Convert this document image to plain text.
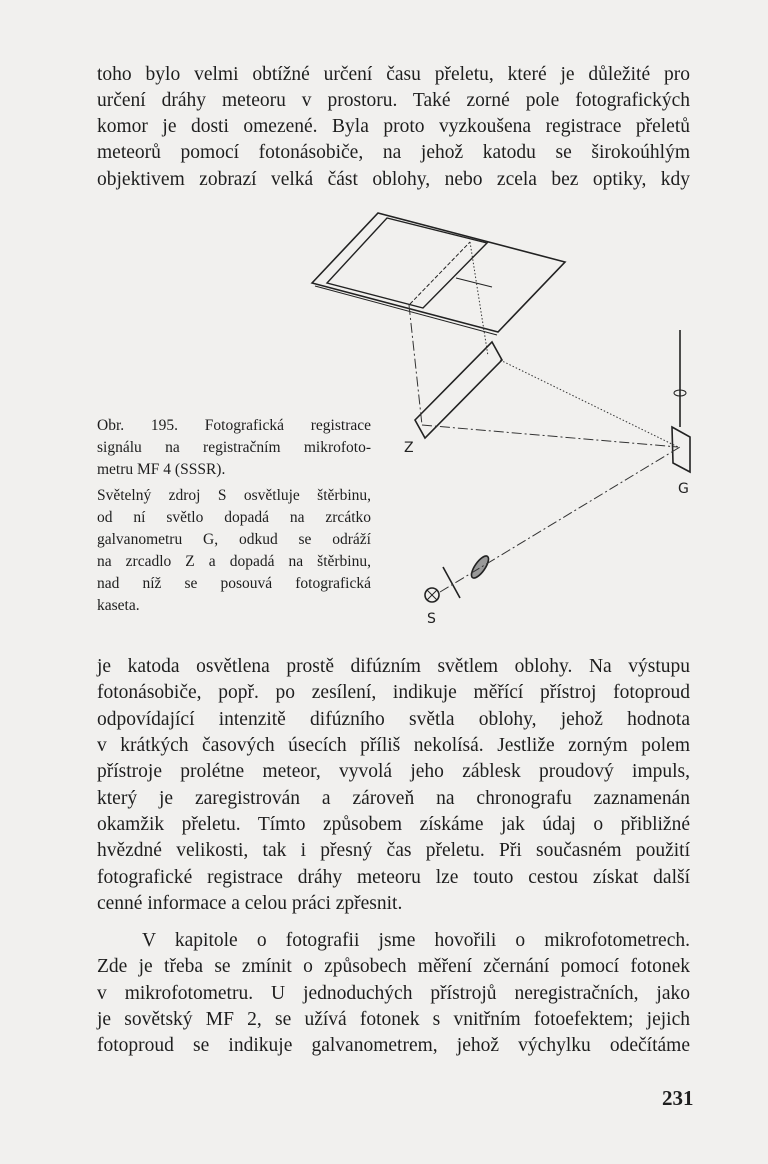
toho bylo velmi obtížné určení času přeletu, které je důležité pro
určení dráhy meteoru v prostoru. Také zorné pole fotografických
komor je dosti omezené. Byla proto vyzkoušena registrace přeletů
meteorů pomocí fotonásobiče, na jehož katodu se širokoúhlým
objektivem zobrazí velká část oblohy, nebo zcela bez optiky, kdy
Z
G
S
Obr. 195. Fotografická registrace
signálu na registračním mikrofoto-
metru MF 4 (SSSR).
Světelný zdroj S osvětluje štěrbinu,
od ní světlo dopadá na zrcátko
galvanometru G, odkud se odráží
na zrcadlo Z a dopadá na štěrbinu,
nad níž se posouvá fotografická
kaseta.
je katoda osvětlena prostě difúzním světlem oblohy. Na výstupu
fotonásobiče, popř. po zesílení, indikuje měřící přístroj fotoproud
odpovídající intenzitě difúzního světla oblohy, jehož hodnota
v krátkých časových úsecích příliš nekolísá. Jestliže zorným polem
přístroje prolétne meteor, vyvolá jeho záblesk proudový impuls,
který je zaregistrován a zároveň na chronografu zaznamenán
okamžik přeletu. Tímto způsobem získáme jak údaj o přibližné
hvězdné velikosti, tak i přesný čas přeletu. Při současném použití
fotografické registrace dráhy meteoru lze touto cestou získat další
cenné informace a celou práci zpřesnit.
V kapitole o fotografii jsme hovořili o mikrofotometrech.
Zde je třeba se zmínit o způsobech měření zčernání pomocí fotonek
v mikrofotometru. U jednoduchých přístrojů neregistračních, jako
je sovětský MF 2, se užívá fotonek s vnitřním fotoefektem; jejich
fotoproud se indikuje galvanometrem, jehož výchylku odečítáme
231
